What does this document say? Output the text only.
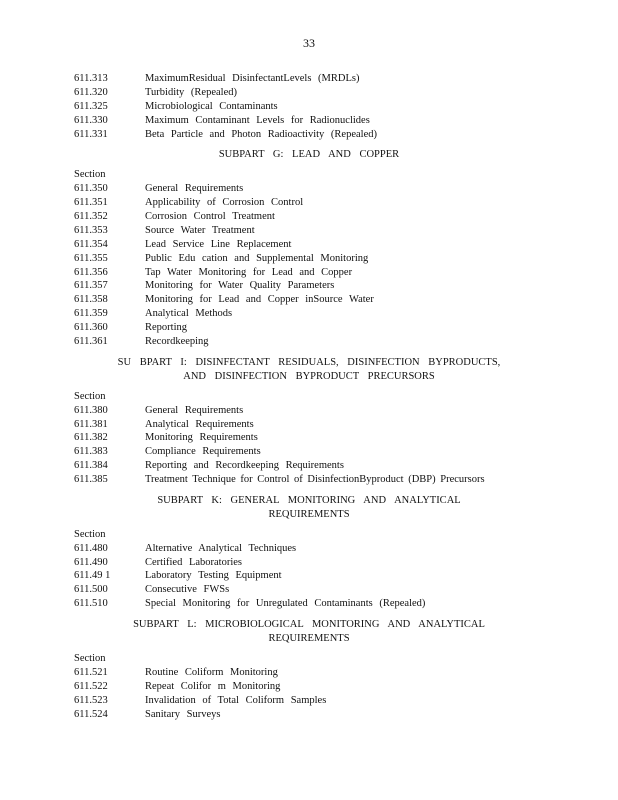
33
611.313	MaximumResidual DisinfectantLevels (MRDLs)
611.320	Turbidity (Repealed)
611.325	Microbiological Contaminants
611.330	Maximum Contaminant Levels for Radionuclides
611.331	Beta Particle and Photon Radioactivity (Repealed)
SUBPART G: LEAD AND COPPER
Section
611.350	General Requirements
611.351	Applicability of Corrosion Control
611.352	Corrosion Control Treatment
611.353	Source Water Treatment
611.354	Lead Service Line Replacement
611.355	Public Edu cation and Supplemental Monitoring
611.356	Tap Water Monitoring for Lead and Copper
611.357	Monitoring for Water Quality Parameters
611.358	Monitoring for Lead and Copper inSource Water
611.359	Analytical Methods
611.360	Reporting
611.361	Recordkeeping
SU BPART I: DISINFECTANT RESIDUALS, DISINFECTION BYPRODUCTS,
AND DISINFECTION BYPRODUCT PRECURSORS
Section
611.380	General Requirements
611.381	Analytical Requirements
611.382	Monitoring Requirements
611.383	Compliance Requirements
611.384	Reporting and Recordkeeping Requirements
611.385	Treatment Technique for Control of DisinfectionByproduct (DBP) Precursors
SUBPART K: GENERAL MONITORING AND ANALYTICAL
REQUIREMENTS
Section
611.480	Alternative Analytical Techniques
611.490	Certified Laboratories
611.49 1	Laboratory Testing Equipment
611.500	Consecutive FWSs
611.510	Special Monitoring for Unregulated Contaminants (Repealed)
SUBPART L: MICROBIOLOGICAL MONITORING AND ANALYTICAL
REQUIREMENTS
Section
611.521	Routine Coliform Monitoring
611.522	Repeat Colifor m Monitoring
611.523	Invalidation of Total Coliform Samples
611.524	Sanitary Surveys
